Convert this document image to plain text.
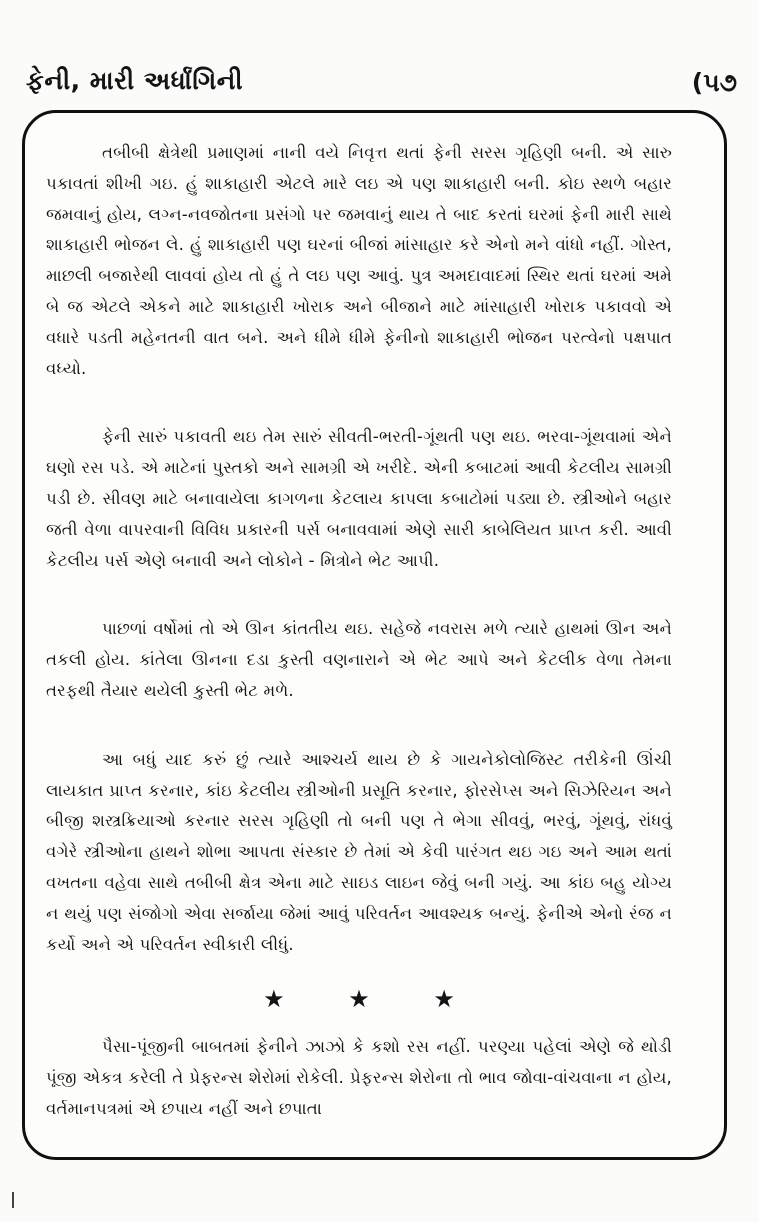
ફેની, મારી અર્ધાંગિની	(૫૭

તબીબી ક્ષેત્રેથી પ્રમાણમાં નાની વયે નિવૃત્ત થતાં ફેની સરસ ગૃહિણી બની. એ સારુ પકાવતાં શીખી ગઇ. હું શાકાહારી એટલે મારે લઇ એ પણ શાકાહારી બની. કોઇ સ્થળે બહાર જમવાનું હોય, લગ્ન-નવજોતના પ્રસંગો પર જમવાનું થાય તે બાદ કરતાં ઘરમાં ફેની મારી સાથે શાકાહારી ભોજન લે. હું શાકાહારી પણ ઘરનાં બીજાં માંસાહાર કરે એનો મને વાંધો નહીં. ગોસ્ત, માછલી બજારેથી લાવવાં હોય તો હું તે લઇ પણ આવું. પુત્ર અમદાવાદમાં સ્થિર થતાં ઘરમાં અમે બે જ એટલે એકને માટે શાકાહારી ખોરાક અને બીજાને માટે માંસાહારી ખોરાક પકાવવો એ વધારે પડતી મહેનતની વાત બને. અને ધીમે ધીમે ફેનીનો શાકાહારી ભોજન પરત્વેનો પક્ષપાત વધ્યો.

ફેની સારું પકાવતી થઇ તેમ સારું સીવતી-ભરતી-ગૂંથતી પણ થઇ. ભરવા-ગૂંથવામાં એને ઘણો રસ પડે. એ માટેનાં પુસ્તકો અને સામગ્રી એ ખરીદે. એની કબાટમાં આવી કેટલીય સામગ્રી પડી છે. સીવણ માટે બનાવાયેલા કાગળના કેટલાય કાપલા કબાટોમાં પડ્યા છે. સ્ત્રીઓને બહાર જતી વેળા વાપરવાની વિવિધ પ્રકારની પર્સ બનાવવામાં એણે સારી કાબેલિયત પ્રાપ્ત કરી. આવી કેટલીય પર્સ એણે બનાવી અને લોકોને - મિત્રોને ભેટ આપી.

પાછળાં વર્ષોમાં તો એ ઊન કાંતતીય થઇ. સહેજે નવરાસ મળે ત્યારે હાથમાં ઊન અને તકલી હોય. કાંતેલા ઊનના દડા કુસ્તી વણનારાને એ ભેટ આપે અને કેટલીક વેળા તેમના તરફથી તૈયાર થયેલી કુસ્તી ભેટ મળે.

આ બધું યાદ કરું છું ત્યારે આશ્ચર્ય થાય છે કે ગાયનેકોલોજિસ્ટ તરીકેની ઊંચી લાયકાત પ્રાપ્ત કરનાર, કાંઇ કેટલીય સ્ત્રીઓની પ્રસૂતિ કરનાર, ફોરસેપ્સ અને સિઝેરિયન અને બીજી શસ્ત્રક્રિયાઓ કરનાર સરસ ગૃહિણી તો બની પણ તે ભેગા સીવવું, ભરવું, ગૂંથવું, રાંધવું વગેરે સ્ત્રીઓના હાથને શોભા આપતા સંસ્કાર છે તેમાં એ કેવી પારંગત થઇ ગઇ અને આમ થતાં વખતના વહેવા સાથે તબીબી ક્ષેત્ર એના માટે સાઇડ લાઇન જેવું બની ગયું. આ કાંઇ બહુ યોગ્ય ન થયું પણ સંજોગો એવા સર્જાયા જેમાં આવું પરિવર્તન આવશ્યક બન્યું. ફેનીએ એનો રંજ ન કર્યો અને એ પરિવર્તન સ્વીકારી લીધું.

★ ★ ★

પૈસા-પૂંજીની બાબતમાં ફેનીને ઝાઝો કે કશો રસ નહીં. પરણ્યા પહેલાં એણે જે થોડી પૂંજી એકત્ર કરેલી તે પ્રેફરન્સ શેરોમાં રોકેલી. પ્રેફરન્સ શેરોના તો ભાવ જોવા-વાંચવાના ન હોય, વર્તમાનપત્રમાં એ છપાય નહીં અને છપાતા
